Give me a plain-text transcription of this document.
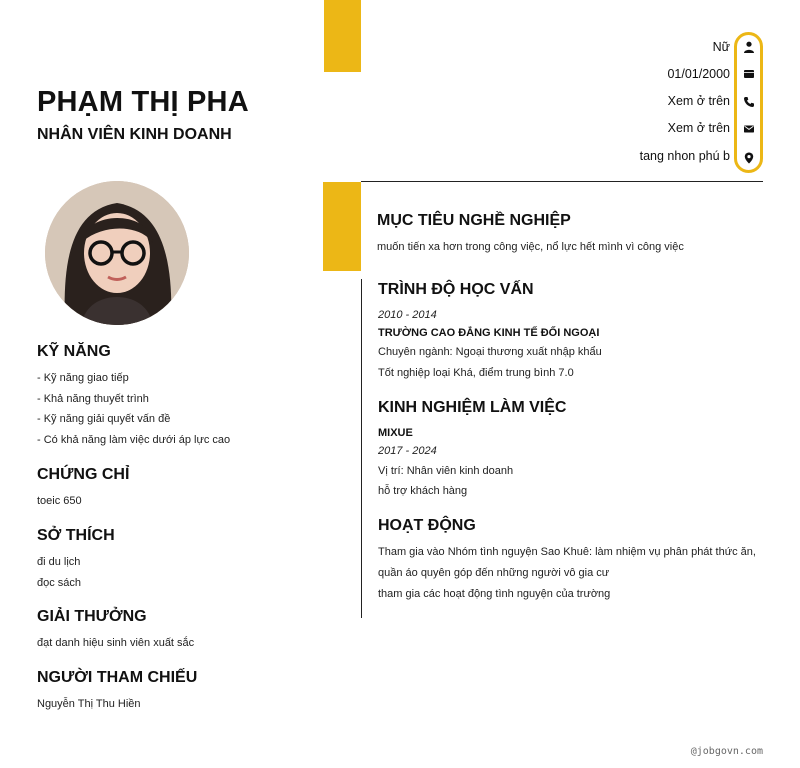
PHẠM THỊ PHA
NHÂN VIÊN KINH DOANH
Nữ
01/01/2000
Xem ở trên
Xem ở trên
tang nhon phú b
KỸ NĂNG
- Kỹ năng giao tiếp
- Khả năng thuyết trình
- Kỹ năng giải quyết vấn đề
- Có khả năng làm việc dưới áp lực cao
CHỨNG CHỈ
toeic 650
SỞ THÍCH
đi du lịch
đọc sách
GIẢI THƯỞNG
đạt danh hiệu sinh viên xuất sắc
NGƯỜI THAM CHIẾU
Nguyễn Thị Thu Hiền
MỤC TIÊU NGHỀ NGHIỆP
muốn tiến xa hơn trong công việc, nổ lực hết mình vì công việc
TRÌNH ĐỘ HỌC VẤN
2010 - 2014
TRƯỜNG CAO ĐẲNG KINH TẾ ĐỐI NGOẠI
Chuyên ngành: Ngoại thương xuất nhập khẩu
Tốt nghiệp loại Khá, điểm trung bình 7.0
KINH NGHIỆM LÀM VIỆC
MIXUE
2017 - 2024
Vị trí: Nhân viên kinh doanh
hỗ trợ khách hàng
HOẠT ĐỘNG
Tham gia vào Nhóm tình nguyện Sao Khuê: làm nhiệm vụ phân phát thức ăn,
quần áo quyên góp đến những người vô gia cư
tham gia các hoạt động tình nguyện của trường
@jobgovn.com
